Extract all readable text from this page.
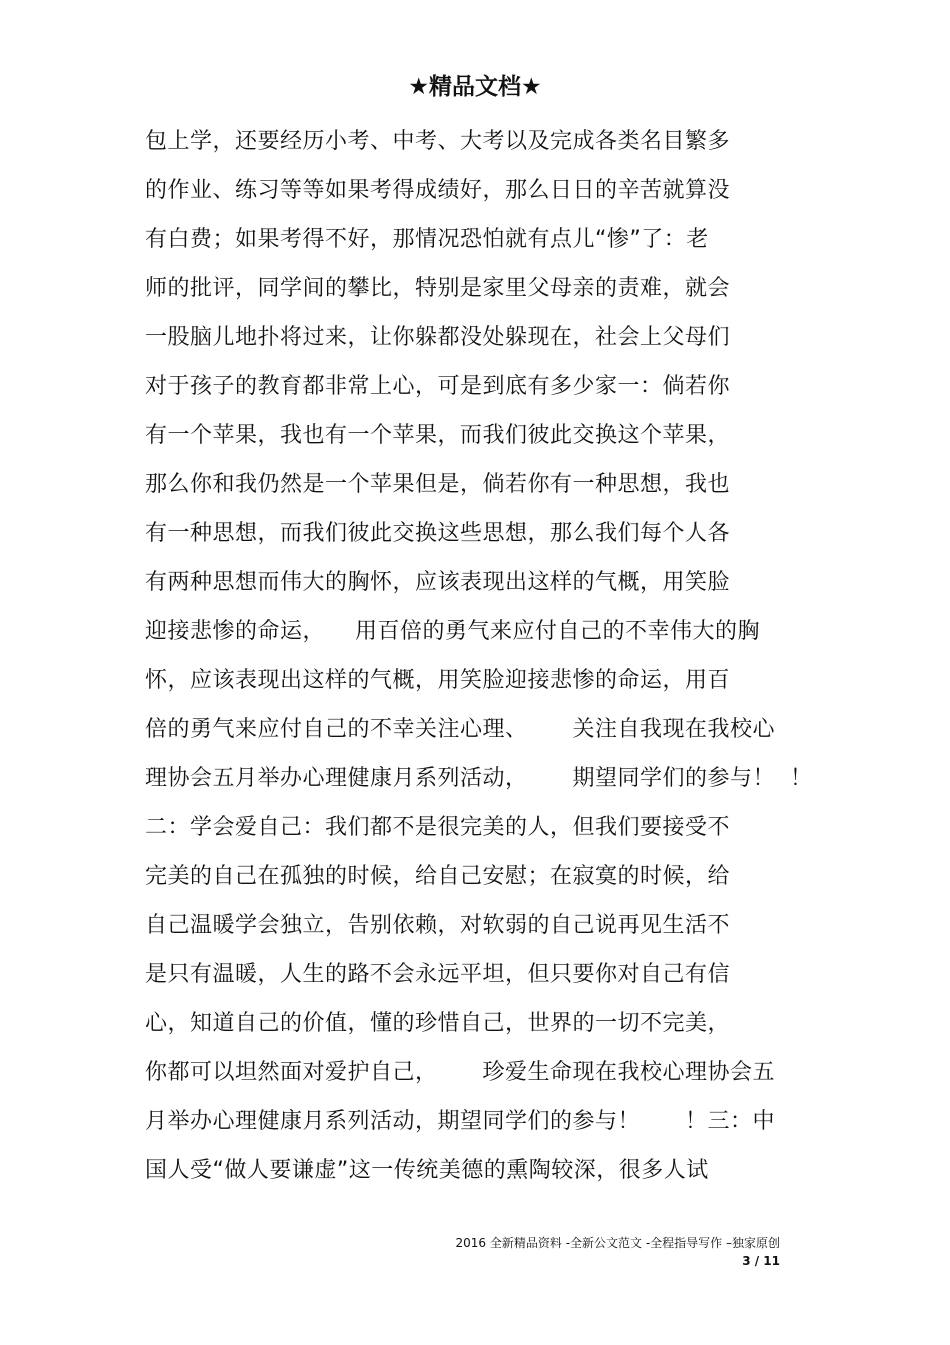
★精品文档★
包上学，还要经历小考、中考、大考以及完成各类名目繁多
的作业、练习等等如果考得成绩好，那么日日的辛苦就算没
有白费；如果考得不好，那情况恐怕就有点儿“惨”了：老
师的批评，同学间的攀比，特别是家里父母亲的责难，就会
一股脑儿地扑将过来，让你躲都没处躲现在，社会上父母们
对于孩子的教育都非常上心，可是到底有多少家一：倘若你
有一个苹果，我也有一个苹果，而我们彼此交换这个苹果，
那么你和我仍然是一个苹果但是，倘若你有一种思想，我也
有一种思想，而我们彼此交换这些思想，那么我们每个人各
有两种思想而伟大的胸怀，应该表现出这样的气概，用笑脸
迎接悲惨的命运，    用百倍的勇气来应付自己的不幸伟大的胸
怀，应该表现出这样的气概，用笑脸迎接悲惨的命运，用百
倍的勇气来应付自己的不幸关注心理、      关注自我现在我校心
理协会五月举办心理健康月系列活动，      期望同学们的参与！  ！
二：学会爱自己：我们都不是很完美的人，但我们要接受不
完美的自己在孤独的时候，给自己安慰；在寂寞的时候，给
自己温暖学会独立，告别依赖，对软弱的自己说再见生活不
是只有温暖，人生的路不会永远平坦，但只要你对自己有信
心，知道自己的价值，懂的珍惜自己，世界的一切不完美，
你都可以坦然面对爱护自己，      珍爱生命现在我校心理协会五
月举办心理健康月系列活动，期望同学们的参与！      ！三：中
国人受“做人要谦虚”这一传统美德的熏陶较深，很多人试
2016 全新精品资料 -全新公文范文 -全程指导写作 –独家原创
3 / 11
